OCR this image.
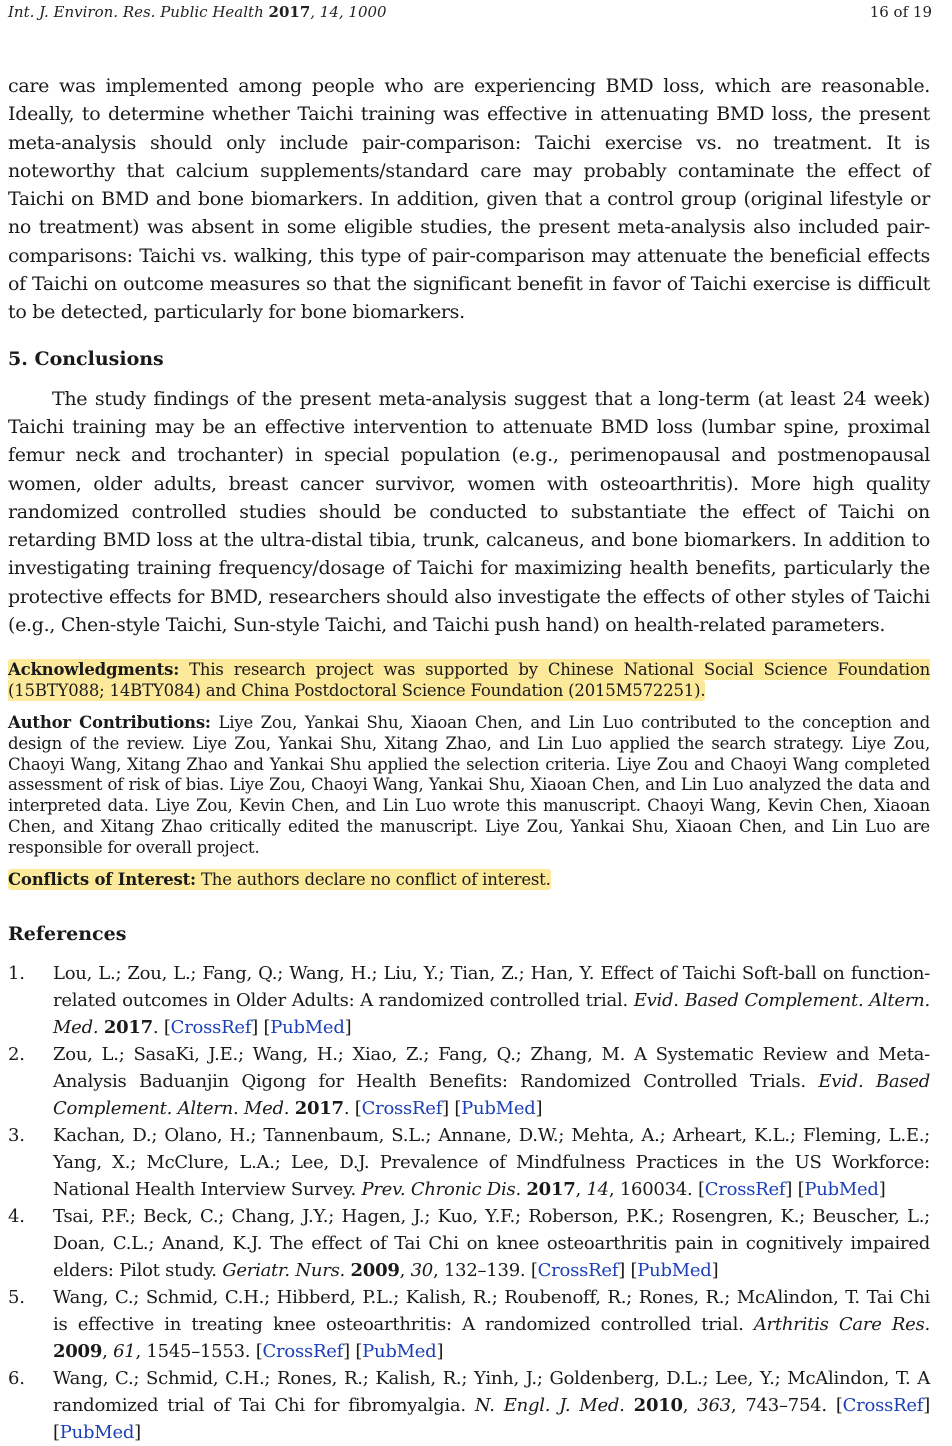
Int. J. Environ. Res. Public Health 2017, 14, 1000	16 of 19

care was implemented among people who are experiencing BMD loss, which are reasonable. Ideally, to determine whether Taichi training was effective in attenuating BMD loss, the present meta-analysis should only include pair-comparison: Taichi exercise vs. no treatment. It is noteworthy that calcium supplements/standard care may probably contaminate the effect of Taichi on BMD and bone biomarkers. In addition, given that a control group (original lifestyle or no treatment) was absent in some eligible studies, the present meta-analysis also included pair-comparisons: Taichi vs. walking, this type of pair-comparison may attenuate the beneficial effects of Taichi on outcome measures so that the significant benefit in favor of Taichi exercise is difficult to be detected, particularly for bone biomarkers.

5. Conclusions

The study findings of the present meta-analysis suggest that a long-term (at least 24 week) Taichi training may be an effective intervention to attenuate BMD loss (lumbar spine, proximal femur neck and trochanter) in special population (e.g., perimenopausal and postmenopausal women, older adults, breast cancer survivor, women with osteoarthritis). More high quality randomized controlled studies should be conducted to substantiate the effect of Taichi on retarding BMD loss at the ultra-distal tibia, trunk, calcaneus, and bone biomarkers. In addition to investigating training frequency/dosage of Taichi for maximizing health benefits, particularly the protective effects for BMD, researchers should also investigate the effects of other styles of Taichi (e.g., Chen-style Taichi, Sun-style Taichi, and Taichi push hand) on health-related parameters.

Acknowledgments: This research project was supported by Chinese National Social Science Foundation (15BTY088; 14BTY084) and China Postdoctoral Science Foundation (2015M572251).

Author Contributions: Liye Zou, Yankai Shu, Xiaoan Chen, and Lin Luo contributed to the conception and design of the review. Liye Zou, Yankai Shu, Xitang Zhao, and Lin Luo applied the search strategy. Liye Zou, Chaoyi Wang, Xitang Zhao and Yankai Shu applied the selection criteria. Liye Zou and Chaoyi Wang completed assessment of risk of bias. Liye Zou, Chaoyi Wang, Yankai Shu, Xiaoan Chen, and Lin Luo analyzed the data and interpreted data. Liye Zou, Kevin Chen, and Lin Luo wrote this manuscript. Chaoyi Wang, Kevin Chen, Xiaoan Chen, and Xitang Zhao critically edited the manuscript. Liye Zou, Yankai Shu, Xiaoan Chen, and Lin Luo are responsible for overall project.

Conflicts of Interest: The authors declare no conflict of interest.

References
1. Lou, L.; Zou, L.; Fang, Q.; Wang, H.; Liu, Y.; Tian, Z.; Han, Y. Effect of Taichi Soft-ball on function-related outcomes in Older Adults: A randomized controlled trial. Evid. Based Complement. Altern. Med. 2017. [CrossRef] [PubMed]
2. Zou, L.; SasaKi, J.E.; Wang, H.; Xiao, Z.; Fang, Q.; Zhang, M. A Systematic Review and Meta-Analysis Baduanjin Qigong for Health Benefits: Randomized Controlled Trials. Evid. Based Complement. Altern. Med. 2017. [CrossRef] [PubMed]
3. Kachan, D.; Olano, H.; Tannenbaum, S.L.; Annane, D.W.; Mehta, A.; Arheart, K.L.; Fleming, L.E.; Yang, X.; McClure, L.A.; Lee, D.J. Prevalence of Mindfulness Practices in the US Workforce: National Health Interview Survey. Prev. Chronic Dis. 2017, 14, 160034. [CrossRef] [PubMed]
4. Tsai, P.F.; Beck, C.; Chang, J.Y.; Hagen, J.; Kuo, Y.F.; Roberson, P.K.; Rosengren, K.; Beuscher, L.; Doan, C.L.; Anand, K.J. The effect of Tai Chi on knee osteoarthritis pain in cognitively impaired elders: Pilot study. Geriatr. Nurs. 2009, 30, 132–139. [CrossRef] [PubMed]
5. Wang, C.; Schmid, C.H.; Hibberd, P.L.; Kalish, R.; Roubenoff, R.; Rones, R.; McAlindon, T. Tai Chi is effective in treating knee osteoarthritis: A randomized controlled trial. Arthritis Care Res. 2009, 61, 1545–1553. [CrossRef] [PubMed]
6. Wang, C.; Schmid, C.H.; Rones, R.; Kalish, R.; Yinh, J.; Goldenberg, D.L.; Lee, Y.; McAlindon, T. A randomized trial of Tai Chi for fibromyalgia. N. Engl. J. Med. 2010, 363, 743–754. [CrossRef] [PubMed]
